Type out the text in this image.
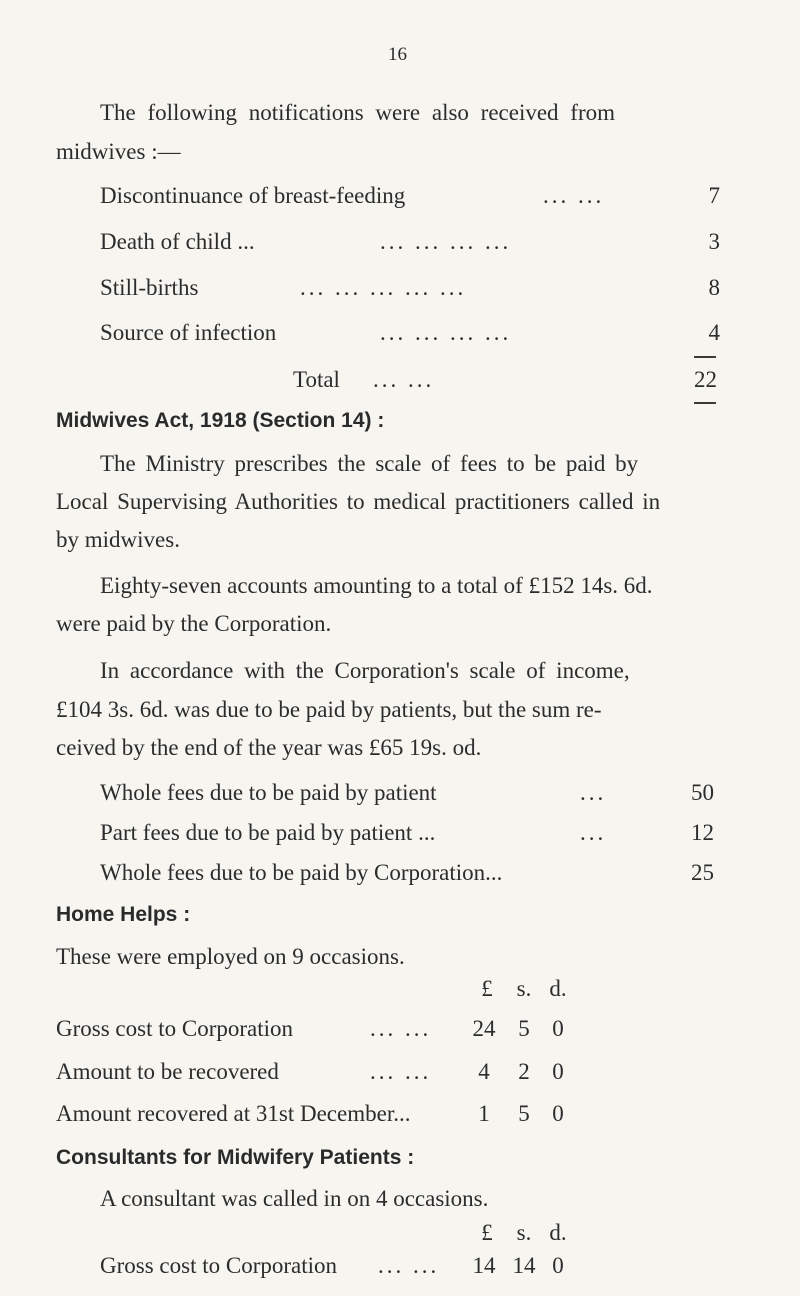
16
The following notifications were also received from
midwives :—
Discontinuance of breast-feeding	... ...	7
Death of child ...	... ... ... ...	3
Still-births	... ... ... ... ...	8
Source of infection	... ... ... ...	4
Total ... ...	22
Midwives Act, 1918 (Section 14) :
The Ministry prescribes the scale of fees to be paid by
Local Supervising Authorities to medical practitioners called in
by midwives.
Eighty-seven accounts amounting to a total of £152 14s. 6d.
were paid by the Corporation.
In accordance with the Corporation's scale of income,
£104 3s. 6d. was due to be paid by patients, but the sum re-
ceived by the end of the year was £65 19s. od.
Whole fees due to be paid by patient	...	50
Part fees due to be paid by patient ...	...	12
Whole fees due to be paid by Corporation...	25
Home Helps :
These were employed on 9 occasions.
£	s. d.
Gross cost to Corporation	... ...	24 5 0
Amount to be recovered	... ...	4	2 0
Amount recovered at 31st December...	1	5 0
Consultants for Midwifery Patients :
A consultant was called in on 4 occasions.
£	s. d.
Gross cost to Corporation ... ...	14 14 0
